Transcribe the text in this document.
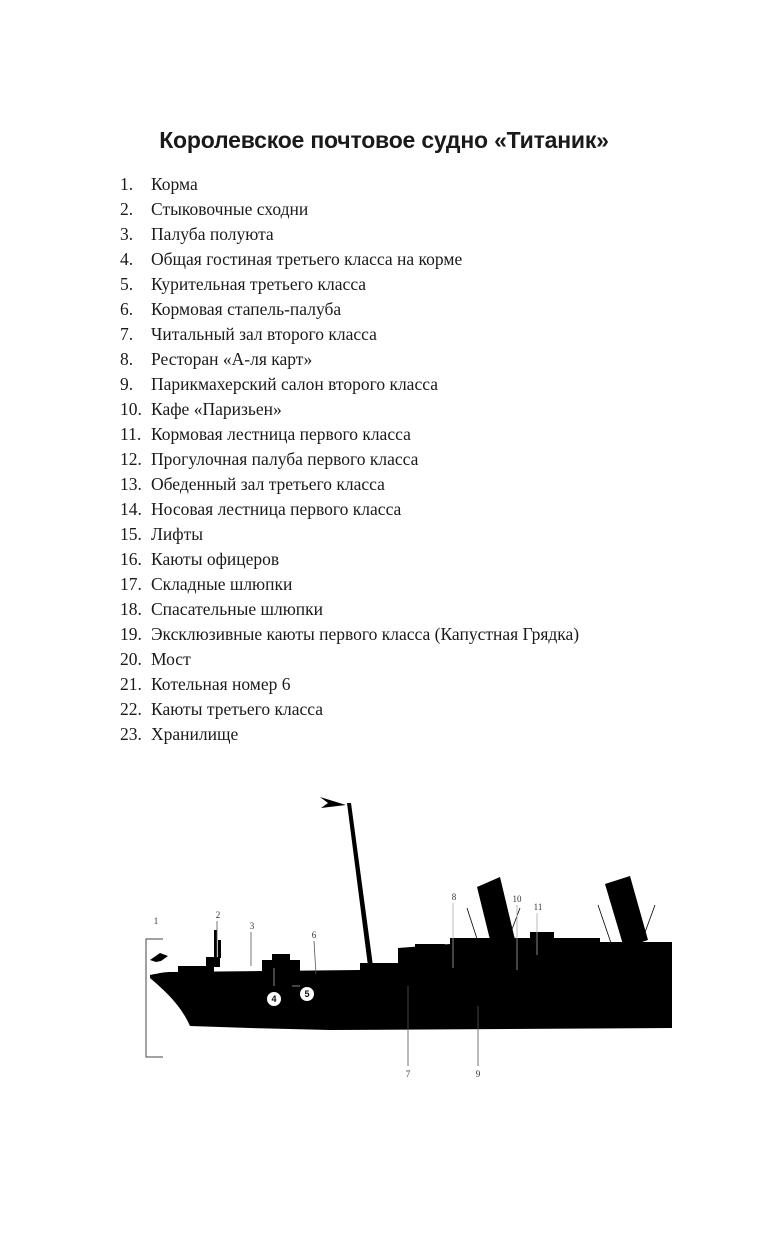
Королевское почтовое судно «Титаник»
1. Корма
2. Стыковочные сходни
3. Палуба полуюта
4. Общая гостиная третьего класса на корме
5. Курительная третьего класса
6. Кормовая стапель-палуба
7. Читальный зал второго класса
8. Ресторан «А-ля карт»
9. Парикмахерский салон второго класса
10. Кафе «Паризьен»
11. Кормовая лестница первого класса
12. Прогулочная палуба первого класса
13. Обеденный зал третьего класса
14. Носовая лестница первого класса
15. Лифты
16. Каюты офицеров
17. Складные шлюпки
18. Спасательные шлюпки
19. Эксклюзивные каюты первого класса (Капустная Грядка)
20. Мост
21. Котельная номер 6
22. Каюты третьего класса
23. Хранилище
1
2
3
4	5
6
7
8
9
10
11
